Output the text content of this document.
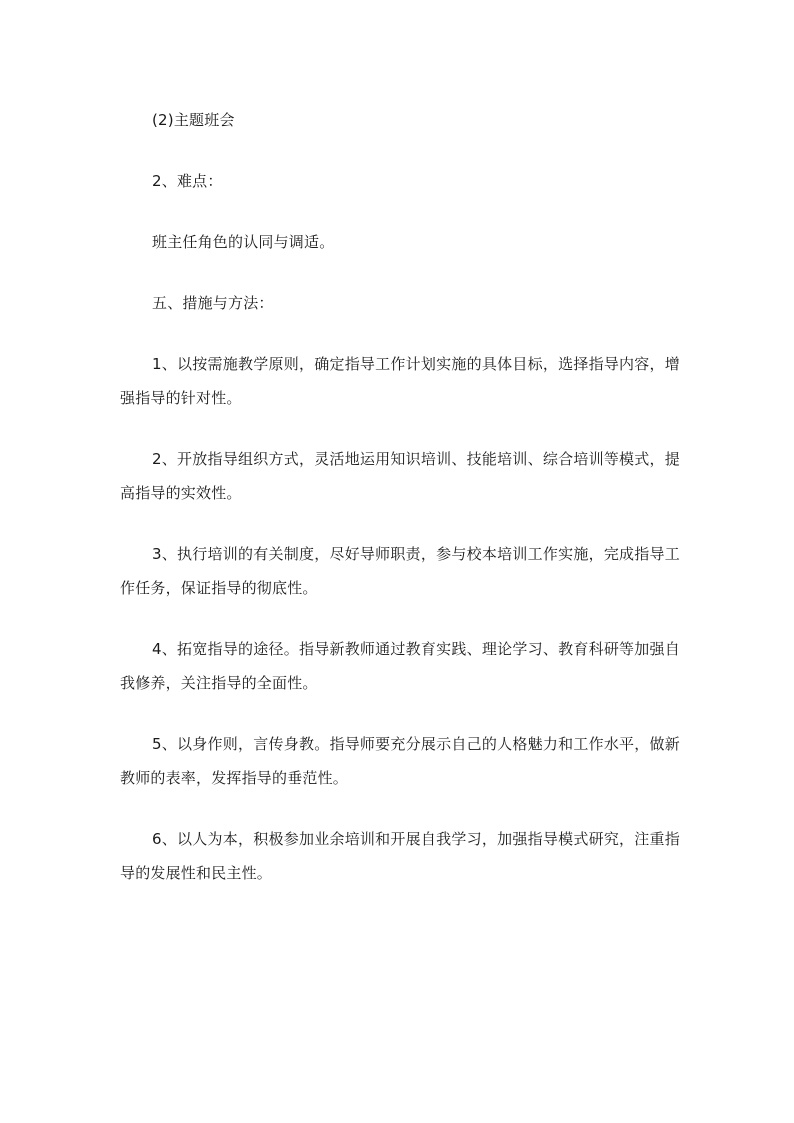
(2)主题班会

2、难点：

班主任角色的认同与调适。

五、措施与方法：

1、以按需施教学原则，确定指导工作计划实施的具体目标，选择指导内容，增强指导的针对性。

2、开放指导组织方式，灵活地运用知识培训、技能培训、综合培训等模式，提高指导的实效性。

3、执行培训的有关制度，尽好导师职责，参与校本培训工作实施，完成指导工作任务，保证指导的彻底性。

4、拓宽指导的途径。指导新教师通过教育实践、理论学习、教育科研等加强自我修养，关注指导的全面性。

5、以身作则，言传身教。指导师要充分展示自己的人格魅力和工作水平，做新教师的表率，发挥指导的垂范性。

6、以人为本，积极参加业余培训和开展自我学习，加强指导模式研究，注重指导的发展性和民主性。
